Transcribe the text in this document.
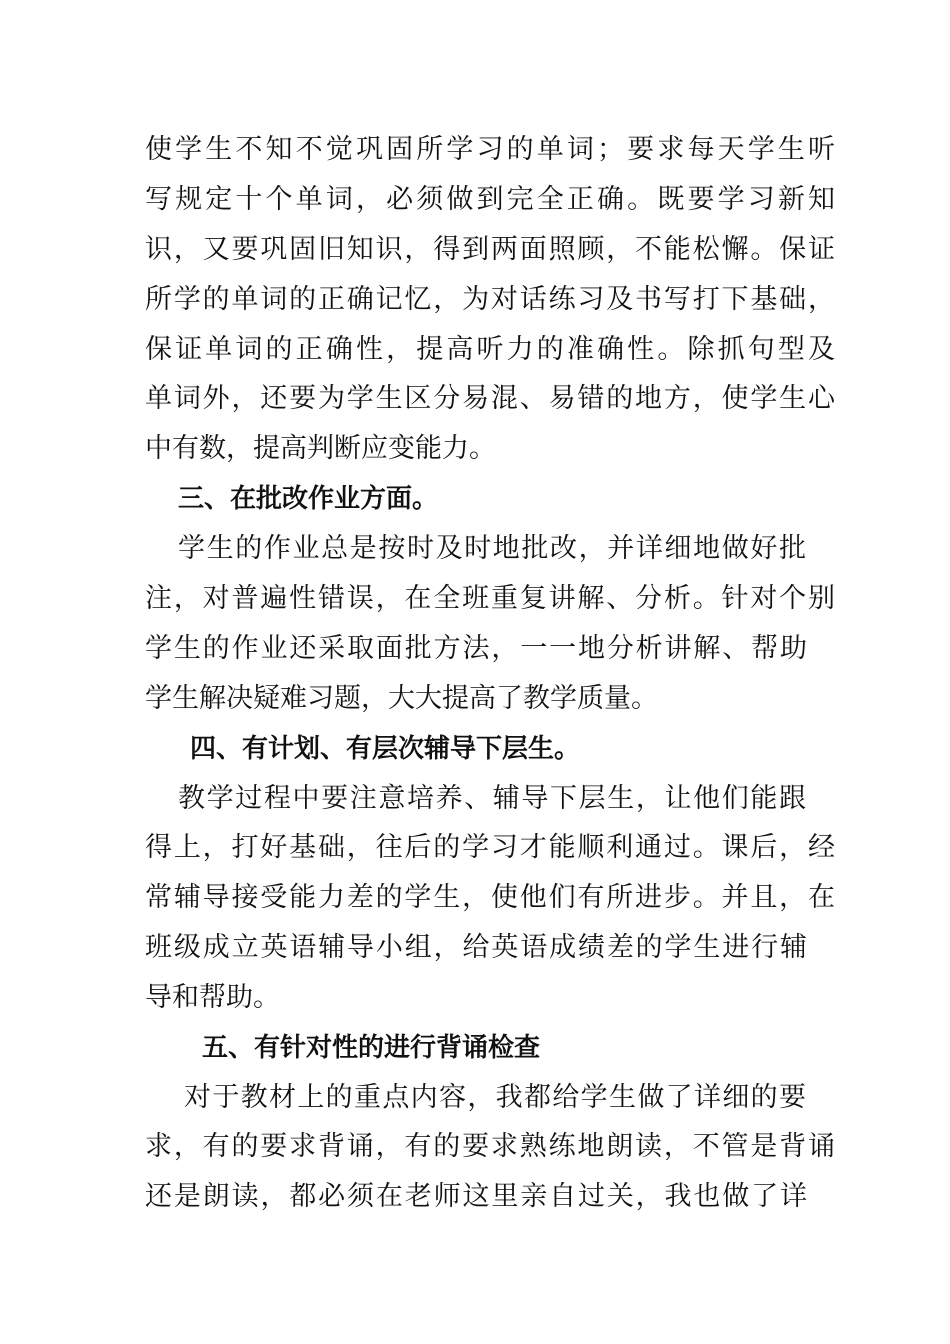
使学生不知不觉巩固所学习的单词；要求每天学生听
写规定十个单词，必须做到完全正确。既要学习新知
识，又要巩固旧知识，得到两面照顾，不能松懈。保证
所学的单词的正确记忆，为对话练习及书写打下基础，
保证单词的正确性，提高听力的准确性。除抓句型及
单词外，还要为学生区分易混、易错的地方，使学生心
中有数，提高判断应变能力。
三、在批改作业方面。
学生的作业总是按时及时地批改，并详细地做好批
注，对普遍性错误，在全班重复讲解、分析。针对个别
学生的作业还采取面批方法，一一地分析讲解、帮助
学生解决疑难习题，大大提高了教学质量。
四、有计划、有层次辅导下层生。
教学过程中要注意培养、辅导下层生，让他们能跟
得上，打好基础，往后的学习才能顺利通过。课后，经
常辅导接受能力差的学生，使他们有所进步。并且，在
班级成立英语辅导小组，给英语成绩差的学生进行辅
导和帮助。
五、有针对性的进行背诵检查
对于教材上的重点内容，我都给学生做了详细的要
求，有的要求背诵，有的要求熟练地朗读，不管是背诵
还是朗读，都必须在老师这里亲自过关，我也做了详
